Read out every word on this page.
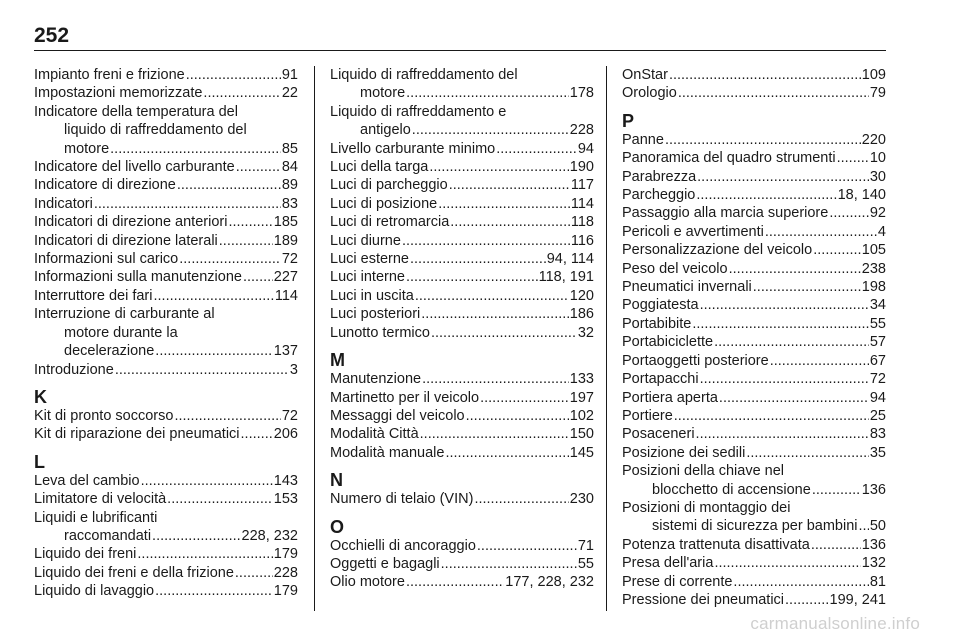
252
Impianto freni e frizione .....	91
Impostazioni memorizzate .....	22
Indicatore della temperatura del
liquido di raffreddamento del
motore .....	85
Indicatore del livello carburante .....	84
Indicatore di direzione .....	89
Indicatori .....	83
Indicatori di direzione anteriori .....	185
Indicatori di direzione laterali .....	189
Informazioni sul carico .....	72
Informazioni sulla manutenzione ..... 227
Interruttore dei fari .....	114
Interruzione di carburante al
motore durante la
decelerazione .....	137
Introduzione .....	3
K
Kit di pronto soccorso .....	72
Kit di riparazione dei pneumatici ..... 206
L
Leva del cambio .....	143
Limitatore di velocità .....	153
Liquidi e lubrificanti
raccomandati .....	228, 232
Liquido dei freni .....	179
Liquido dei freni e della frizione .....	228
Liquido di lavaggio .....	179
Liquido di raffreddamento del
motore .....	178
Liquido di raffreddamento e
antigelo .....	228
Livello carburante minimo .....	94
Luci della targa .....	190
Luci di parcheggio .....	117
Luci di posizione .....	114
Luci di retromarcia .....	118
Luci diurne .....	116
Luci esterne .....	94, 114
Luci interne .....	118, 191
Luci in uscita .....	120
Luci posteriori .....	186
Lunotto termico .....	32
M
Manutenzione .....	133
Martinetto per il veicolo .....	197
Messaggi del veicolo .....	102
Modalità Città .....	150
Modalità manuale .....	145
N
Numero di telaio (VIN) .....	230
O
Occhielli di ancoraggio .....	71
Oggetti e bagagli .....	55
Olio motore .....	177, 228, 232
OnStar .....	109
Orologio .....	79
P
Panne .....	220
Panoramica del quadro strumenti ..... 10
Parabrezza .....	30
Parcheggio .....	18, 140
Passaggio alla marcia superiore .....	92
Pericoli e avvertimenti .....	4
Personalizzazione del veicolo .....	105
Peso del veicolo .....	238
Pneumatici invernali .....	198
Poggiatesta .....	34
Portabibite .....	55
Portabiciclette .....	57
Portaoggetti posteriore .....	67
Portapacchi .....	72
Portiera aperta .....	94
Portiere .....	25
Posaceneri .....	83
Posizione dei sedili .....	35
Posizioni della chiave nel
blocchetto di accensione .....	136
Posizioni di montaggio dei
sistemi di sicurezza per bambini ..... 50
Potenza trattenuta disattivata .....	136
Presa dell'aria .....	132
Prese di corrente .....	81
Pressione dei pneumatici .....	199, 241
carmanualsonline.info
